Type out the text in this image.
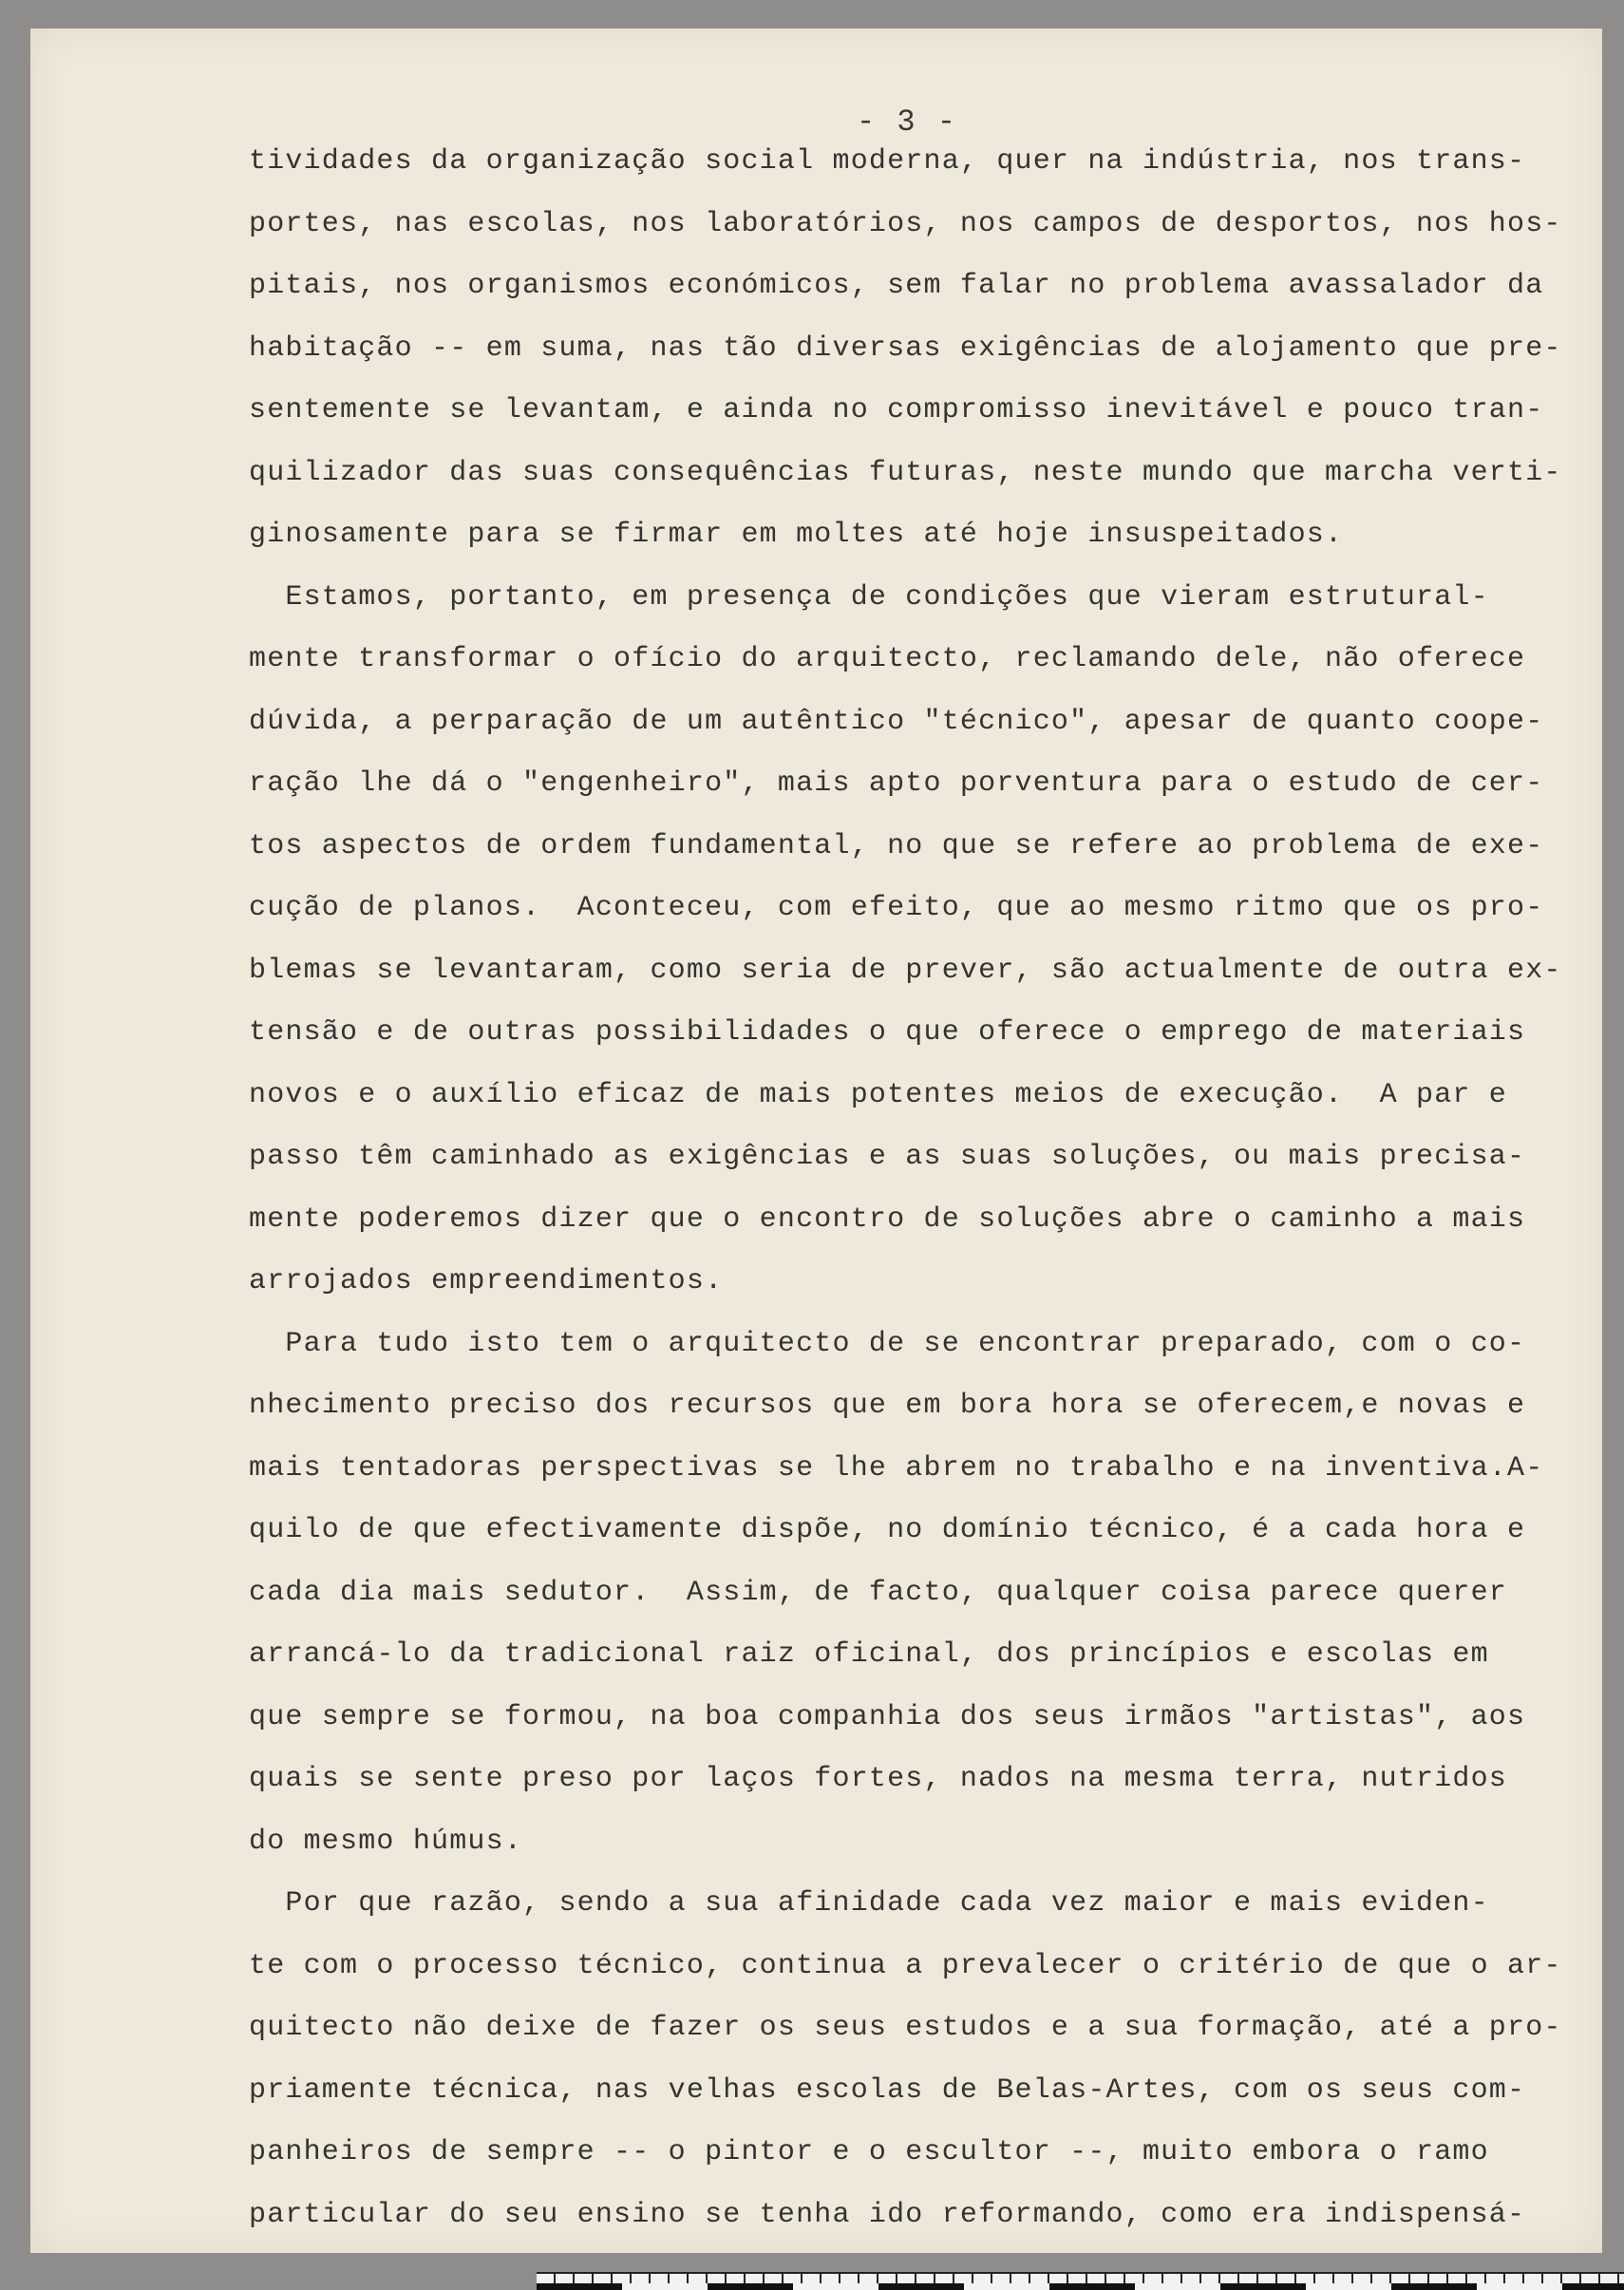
- 3 -
tividades da organização social moderna, quer na indústria, nos trans-
portes, nas escolas, nos laboratórios, nos campos de desportos, nos hos-
pitais, nos organismos económicos, sem falar no problema avassalador da
habitação -- em suma, nas tão diversas exigências de alojamento que pre-
sentemente se levantam, e ainda no compromisso inevitável e pouco tran-
quilizador das suas consequências futuras, neste mundo que marcha verti-
ginosamente para se firmar em moltes até hoje insuspeitados.
Estamos, portanto, em presença de condições que vieram estrutural-
mente transformar o ofício do arquitecto, reclamando dele, não oferece
dúvida, a perparação de um autêntico "técnico", apesar de quanto coope-
ração lhe dá o "engenheiro", mais apto porventura para o estudo de cer-
tos aspectos de ordem fundamental, no que se refere ao problema de exe-
cução de planos.  Aconteceu, com efeito, que ao mesmo ritmo que os pro-
blemas se levantaram, como seria de prever, são actualmente de outra ex-
tensão e de outras possibilidades o que oferece o emprego de materiais
novos e o auxílio eficaz de mais potentes meios de execução.  A par e
passo têm caminhado as exigências e as suas soluções, ou mais precisa-
mente poderemos dizer que o encontro de soluções abre o caminho a mais
arrojados empreendimentos.
Para tudo isto tem o arquitecto de se encontrar preparado, com o co-
nhecimento preciso dos recursos que em bora hora se oferecem,e novas e
mais tentadoras perspectivas se lhe abrem no trabalho e na inventiva.A-
quilo de que efectivamente dispõe, no domínio técnico, é a cada hora e
cada dia mais sedutor.  Assim, de facto, qualquer coisa parece querer
arrancá-lo da tradicional raiz oficinal, dos princípios e escolas em
que sempre se formou, na boa companhia dos seus irmãos "artistas", aos
quais se sente preso por laços fortes, nados na mesma terra, nutridos
do mesmo húmus.
Por que razão, sendo a sua afinidade cada vez maior e mais eviden-
te com o processo técnico, continua a prevalecer o critério de que o ar-
quitecto não deixe de fazer os seus estudos e a sua formação, até a pro-
priamente técnica, nas velhas escolas de Belas-Artes, com os seus com-
panheiros de sempre -- o pintor e o escultor --, muito embora o ramo
particular do seu ensino se tenha ido reformando, como era indispensá-
